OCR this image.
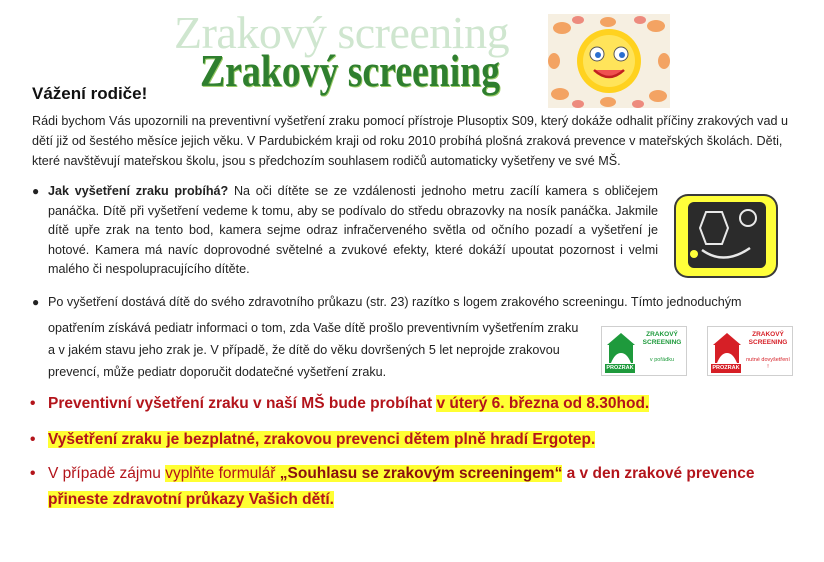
Zrakový screening
Zrakový screening
Vážení rodiče!
Rádi bychom Vás upozornili na preventivní vyšetření zraku pomocí přístroje Plusoptix S09, který dokáže odhalit příčiny zrakových vad u dětí již od šestého měsíce jejich věku. V Pardubickém kraji od roku 2010 probíhá plošná zraková prevence v mateřských školách. Děti, které navštěvují mateřskou školu, jsou s předchozím souhlasem rodičů automaticky vyšetřeny ve své MŠ.
● Jak vyšetření zraku probíhá? Na oči dítěte se ze vzdálenosti jednoho metru zacílí kamera s obličejem panáčka. Dítě při vyšetření vedeme k tomu, aby se podívalo do středu obrazovky na nosík panáčka. Jakmile dítě upře zrak na tento bod, kamera sejme odraz infračerveného světla od očního pozadí a vyšetření je hotové. Kamera má navíc doprovodné světelné a zvukové efekty, které dokáží upoutat pozornost i velmi malého či nespolupracujícího dítěte.
● Po vyšetření dostává dítě do svého zdravotního průkazu (str. 23) razítko s logem zrakového screeningu. Tímto jednoduchým
opatřením získává pediatr informaci o tom, zda Vaše dítě prošlo preventivním vyšetřením zraku a v jakém stavu jeho zrak je. V případě, že dítě do věku dovršených 5 let neprojde zrakovou prevencí, může pediatr doporučit dodatečné vyšetření zraku.
ZRAKOVÝ SCREENING
v pořádku
PROZRAK
ZRAKOVÝ SCREENING
nutné dovyšetření !
PROZRAK
• Preventivní vyšetření zraku v naší MŠ bude probíhat v úterý 6. března od 8.30hod.
• Vyšetření zraku je bezplatné, zrakovou prevenci dětem plně hradí Ergotep.
• V případě zájmu vyplňte formulář „Souhlasu se zrakovým screeningem“ a v den zrakové prevence
přineste zdravotní průkazy Vašich dětí.
